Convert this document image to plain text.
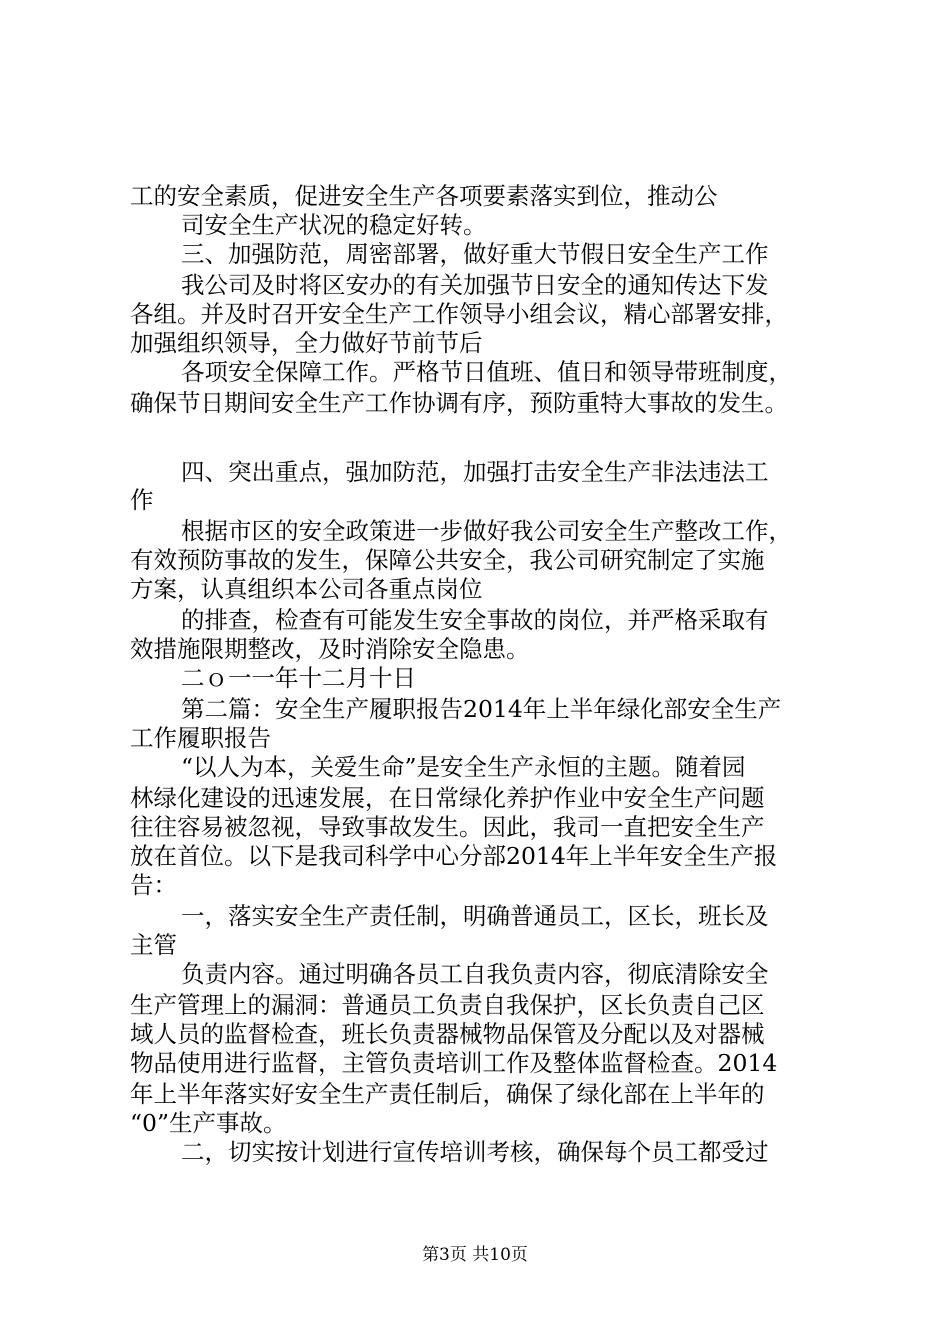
工的安全素质，促进安全生产各项要素落实到位，推动公

司安全生产状况的稳定好转。

三、加强防范，周密部署，做好重大节假日安全生产工作

我公司及时将区安办的有关加强节日安全的通知传达下发

各组。并及时召开安全生产工作领导小组会议，精心部署安排，

加强组织领导，全力做好节前节后

各项安全保障工作。严格节日值班、值日和领导带班制度，

确保节日期间安全生产工作协调有序，预防重特大事故的发生。

四、突出重点，强加防范，加强打击安全生产非法违法工

作

根据市区的安全政策进一步做好我公司安全生产整改工作，

有效预防事故的发生，保障公共安全，我公司研究制定了实施

方案，认真组织本公司各重点岗位

的排查，检查有可能发生安全事故的岗位，并严格采取有

效措施限期整改，及时消除安全隐患。

二ｏ一一年十二月十日

第二篇：安全生产履职报告2014年上半年绿化部安全生产

工作履职报告

“以人为本，关爱生命”是安全生产永恒的主题。随着园

林绿化建设的迅速发展，在日常绿化养护作业中安全生产问题

往往容易被忽视，导致事故发生。因此，我司一直把安全生产

放在首位。以下是我司科学中心分部2014年上半年安全生产报

告：

一，落实安全生产责任制，明确普通员工，区长，班长及

主管

负责内容。通过明确各员工自我负责内容，彻底清除安全

生产管理上的漏洞：普通员工负责自我保护，区长负责自己区

域人员的监督检查，班长负责器械物品保管及分配以及对器械

物品使用进行监督，主管负责培训工作及整体监督检查。2014

年上半年落实好安全生产责任制后，确保了绿化部在上半年的

“0”生产事故。

二，切实按计划进行宣传培训考核，确保每个员工都受过

第3页 共10页
